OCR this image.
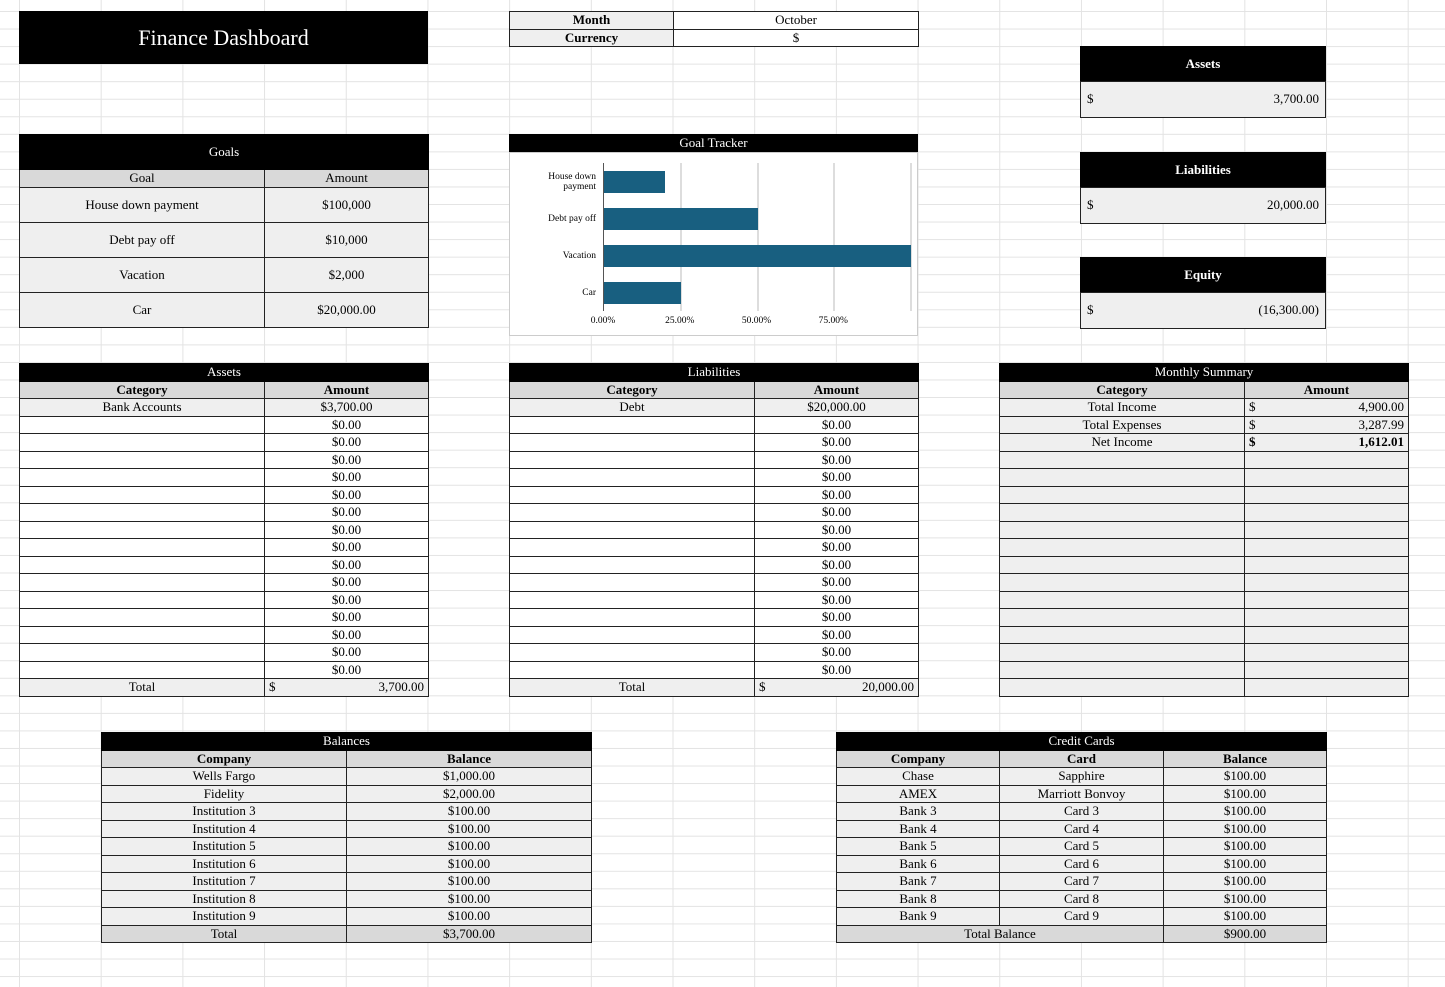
Finance Dashboard
Month	October
Currency	$
Assets
$	3,700.00
Liabilities
$	20,000.00
Equity
$	(16,300.00)
Goals	
Goal	Amount
House down payment	$100,000
Debt pay off	$10,000
Vacation	$2,000
Car	$20,000.00
Goal Tracker
House down payment
Debt pay off
Vacation
Car
0.00%	25.00%	50.00%	75.00%
Assets	
Category	Amount
Bank Accounts	$3,700.00
	$0.00
	$0.00
	$0.00
	$0.00
	$0.00
	$0.00
	$0.00
	$0.00
	$0.00
	$0.00
	$0.00
	$0.00
	$0.00
	$0.00
	$0.00
Total	$ 3,700.00
Liabilities	
Category	Amount
Debt	$20,000.00
	$0.00
	$0.00
	$0.00
	$0.00
	$0.00
	$0.00
	$0.00
	$0.00
	$0.00
	$0.00
	$0.00
	$0.00
	$0.00
	$0.00
	$0.00
Total	$ 20,000.00
Monthly Summary	
Category	Amount
Total Income	$ 4,900.00

Total Expenses	$ 3,287.99

Net Income	$ 1,612.01

Balances	
Company	Balance
Wells Fargo	$1,000.00
Fidelity	$2,000.00
Institution 3	$100.00
Institution 4	$100.00
Institution 5	$100.00
Institution 6	$100.00
Institution 7	$100.00
Institution 8	$100.00
Institution 9	$100.00
Total	$3,700.00
Credit Cards		
Company	Card	Balance
Chase	Sapphire	$100.00
AMEX	Marriott Bonvoy	$100.00
Bank 3	Card 3	$100.00
Bank 4	Card 4	$100.00
Bank 5	Card 5	$100.00
Bank 6	Card 6	$100.00
Bank 7	Card 7	$100.00
Bank 8	Card 8	$100.00
Bank 9	Card 9	$100.00
Total Balance		$900.00
